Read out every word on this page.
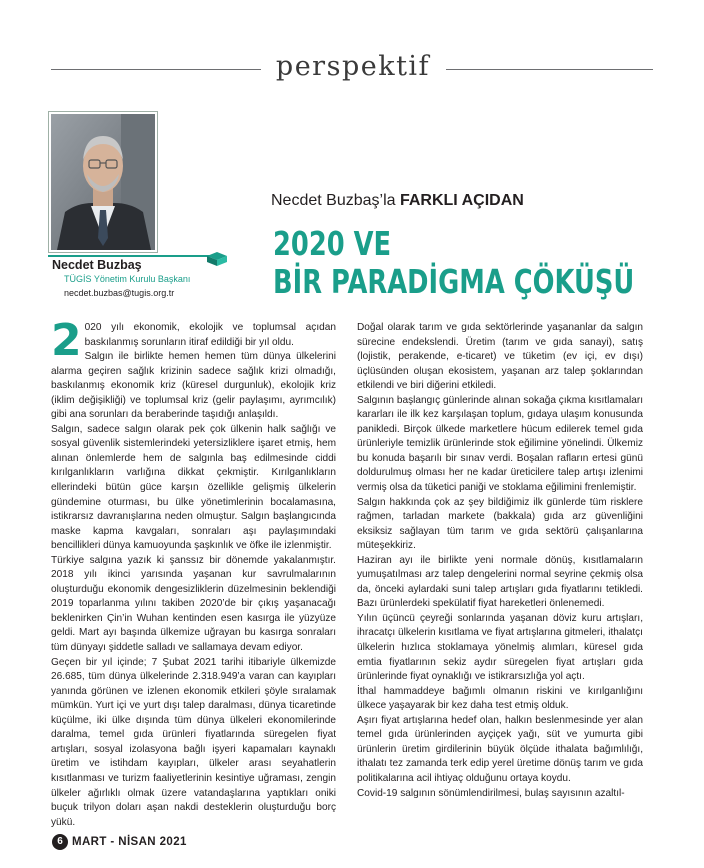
perspektif
Necdet Buzbaş
TÜGİS Yönetim Kurulu Başkanı
necdet.buzbas@tugis.org.tr
Necdet Buzbaş’la FARKLI AÇIDAN
2020 VE
BİR PARADİGMA ÇÖKÜŞÜ

2 020 yılı ekonomik, ekolojik ve toplumsal açıdan baskılanmış sorunların itiraf edildiği bir yıl oldu.

Salgın ile birlikte hemen hemen tüm dünya ülkelerini alarma geçiren sağlık krizinin sadece sağlık krizi olmadığı, baskılanmış ekonomik kriz (küresel durgunluk), ekolojik kriz (iklim değişikliği) ve toplumsal kriz (gelir paylaşımı, ayrımcılık) gibi ana sorunları da beraberinde taşıdığı anlaşıldı.

Salgın, sadece salgın olarak pek çok ülkenin halk sağlığı ve sosyal güvenlik sistemlerindeki yetersizliklere işaret etmiş, hem alınan önlemlerde hem de salgınla baş edilmesinde ciddi kırılganlıkların varlığına dikkat çekmiştir. Kırılganlıkların ellerindeki bütün güce karşın özellikle gelişmiş ülkelerin gündemine oturması, bu ülke yönetimlerinin bocalamasına, istikrarsız davranışlarına neden olmuştur. Salgın başlangıcında maske kapma kavgaları, sonraları aşı paylaşımındaki bencillikleri dünya kamuoyunda şaşkınlık ve öfke ile izlenmiştir.

Türkiye salgına yazık ki şanssız bir dönemde yakalanmıştır. 2018 yılı ikinci yarısında yaşanan kur savrulmalarının oluşturduğu ekonomik dengesizliklerin düzelmesinin beklendiği 2019 toparlanma yılını takiben 2020’de bir çıkış yaşanacağı beklenirken Çin’in Wuhan kentinden esen kasırga ile yüzyüze geldi. Mart ayı başında ülkemize uğrayan bu kasırga sonraları tüm dünyayı şiddetle salladı ve sallamaya devam ediyor.

Geçen bir yıl içinde; 7 Şubat 2021 tarihi itibariyle ülkemizde 26.685, tüm dünya ülkelerinde 2.318.949’a varan can kayıpları yanında görünen ve izlenen ekonomik etkileri şöyle sıralamak mümkün. Yurt içi ve yurt dışı talep daralması, dünya ticaretinde küçülme, iki ülke dışında tüm dünya ülkeleri ekonomilerinde daralma, temel gıda ürünleri fiyatlarında süregelen fiyat artışları, sosyal izolasyona bağlı işyeri kapamaları kaynaklı üretim ve istihdam kayıpları, ülkeler arası seyahatlerin kısıtlanması ve turizm faaliyetlerinin kesintiye uğraması, zengin ülkeler ağırlıklı olmak üzere vatandaşlarına yaptıkları oniki buçuk trilyon doları aşan nakdi desteklerin oluşturduğu borç yükü.

Doğal olarak tarım ve gıda sektörlerinde yaşananlar da salgın sürecine endekslendi. Üretim (tarım ve gıda sanayi), satış (lojistik, perakende, e-ticaret) ve tüketim (ev içi, ev dışı) üçlüsünden oluşan ekosistem, yaşanan arz talep şoklarından etkilendi ve biri diğerini etkiledi.

Salgının başlangıç günlerinde alınan sokağa çıkma kısıtlamaları kararları ile ilk kez karşılaşan toplum, gıdaya ulaşım konusunda panikledi. Birçok ülkede marketlere hücum edilerek temel gıda ürünleriyle temizlik ürünlerinde stok eğilimine yönelindi. Ülkemiz bu konuda başarılı bir sınav verdi. Boşalan rafların ertesi günü doldurulmuş olması her ne kadar üreticilere talep artışı izlenimi vermiş olsa da tüketici paniği ve stoklama eğilimini frenlemiştir.

Salgın hakkında çok az şey bildiğimiz ilk günlerde tüm risklere rağmen, tarladan markete (bakkala) gıda arz güvenliğini eksiksiz sağlayan tüm tarım ve gıda sektörü çalışanlarına müteşekkiriz.

Haziran ayı ile birlikte yeni normale dönüş, kısıtlamaların yumuşatılması arz talep dengelerini normal seyrine çekmiş olsa da, önceki aylardaki suni talep artışları gıda fiyatlarını tetikledi. Bazı ürünlerdeki spekülatif fiyat hareketleri önlenemedi.

Yılın üçüncü çeyreği sonlarında yaşanan döviz kuru artışları, ihracatçı ülkelerin kısıtlama ve fiyat artışlarına gitmeleri, ithalatçı ülkelerin hızlıca stoklamaya yönelmiş alımları, küresel gıda emtia fiyatlarının sekiz aydır süregelen fiyat artışları gıda ürünlerinde fiyat oynaklığı ve istikrarsızlığa yol açtı.

İthal hammaddeye bağımlı olmanın riskini ve kırılganlığını ülkece yaşayarak bir kez daha test etmiş olduk.

Aşırı fiyat artışlarına hedef olan, halkın beslenmesinde yer alan temel gıda ürünlerinden ayçiçek yağı, süt ve yumurta gibi ürünlerin üretim girdilerinin büyük ölçüde ithalata bağımlılığı, ithalatı tez zamanda terk edip yerel üretime dönüş tarım ve gıda politikalarına acil ihtiyaç olduğunu ortaya koydu.

Covid-19 salgının sönümlendirilmesi, bulaş sayısının azaltıl-

6 MART - NİSAN 2021
